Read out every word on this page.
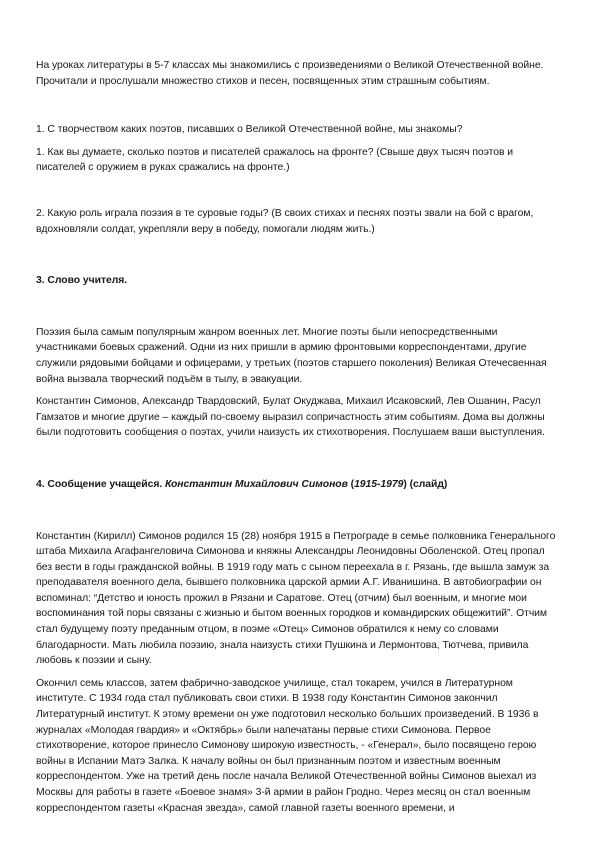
На уроках литературы в 5-7 классах мы знакомились с произведениями о Великой Отечественной войне. Прочитали и прослушали множество стихов и песен, посвященных этим страшным событиям.

1. С творчеством каких поэтов, писавших о Великой Отечественной войне, мы знакомы?

1. Как вы думаете, сколько поэтов и писателей сражалось на фронте? (Свыше двух тысяч поэтов и писателей с оружием в руках сражались на фронте.)

2. Какую роль играла поэзия в те суровые годы? (В своих стихах и песнях поэты звали на бой с врагом, вдохновляли солдат, укрепляли веру в победу, помогали людям жить.)

3. Слово учителя.

Поэзия была самым популярным жанром военных лет. Многие поэты были непосредственными участниками боевых сражений. Одни из них пришли в армию фронтовыми корреспондентами, другие служили рядовыми бойцами и офицерами, у третьих (поэтов старшего поколения) Великая Отечесвенная война вызвала творческий подъём в тылу, в эвакуации.

Константин Симонов, Александр Твардовский, Булат Окуджава, Михаил Исаковский, Лев Ошанин, Расул Гамзатов и многие другие – каждый по-своему выразил сопричастность этим событиям. Дома вы должны были подготовить сообщения о поэтах, учили наизусть их стихотворения. Послушаем ваши выступления.

4. Сообщение учащейся. Константин Михайлович Симонов (1915-1979) (слайд)

Константин (Кирилл) Симонов родился 15 (28) ноября 1915 в Петрограде в семье полковника Генерального штаба Михаила Агафангеловича Симонова и княжны Александры Леонидовны Оболенской. Отец пропал без вести в годы гражданской войны. В 1919 году мать с сыном переехала в г. Рязань, где вышла замуж за преподавателя военного дела, бывшего полковника царской армии А.Г. Иванишина. В автобиографии он вспоминал: “Детство и юность прожил в Рязани и Саратове. Отец (отчим) был военным, и многие мои воспоминания той поры связаны с жизнью и бытом военных городков и командирских общежитий”. Отчим стал будущему поэту преданным отцом, в поэме «Отец» Симонов обратился к нему со словами благодарности. Мать любила поэзию, знала наизусть стихи Пушкина и Лермонтова, Тютчева, привила любовь к поэзии и сыну.

Окончил семь классов, затем фабрично-заводское училище, стал токарем, учился в Литературном институте. С 1934 года стал публиковать свои стихи. В 1938 году Константин Симонов закончил Литературный институт. К этому времени он уже подготовил несколько больших произведений. В 1936 в журналах «Молодая гвардия» и «Октябрь» были напечатаны первые стихи Симонова. Первое стихотворение, которое принесло Симонову широкую известность, - «Генерал», было посвящено герою войны в Испании Матэ Залка. К началу войны он был признанным поэтом и известным военным корреспондентом. Уже на третий день после начала Великой Отечественной войны Симонов выехал из Москвы для работы в газете «Боевое знамя» 3-й армии в район Гродно. Через месяц он стал военным корреспондентом газеты «Красная звезда», самой главной газеты военного времени, и
